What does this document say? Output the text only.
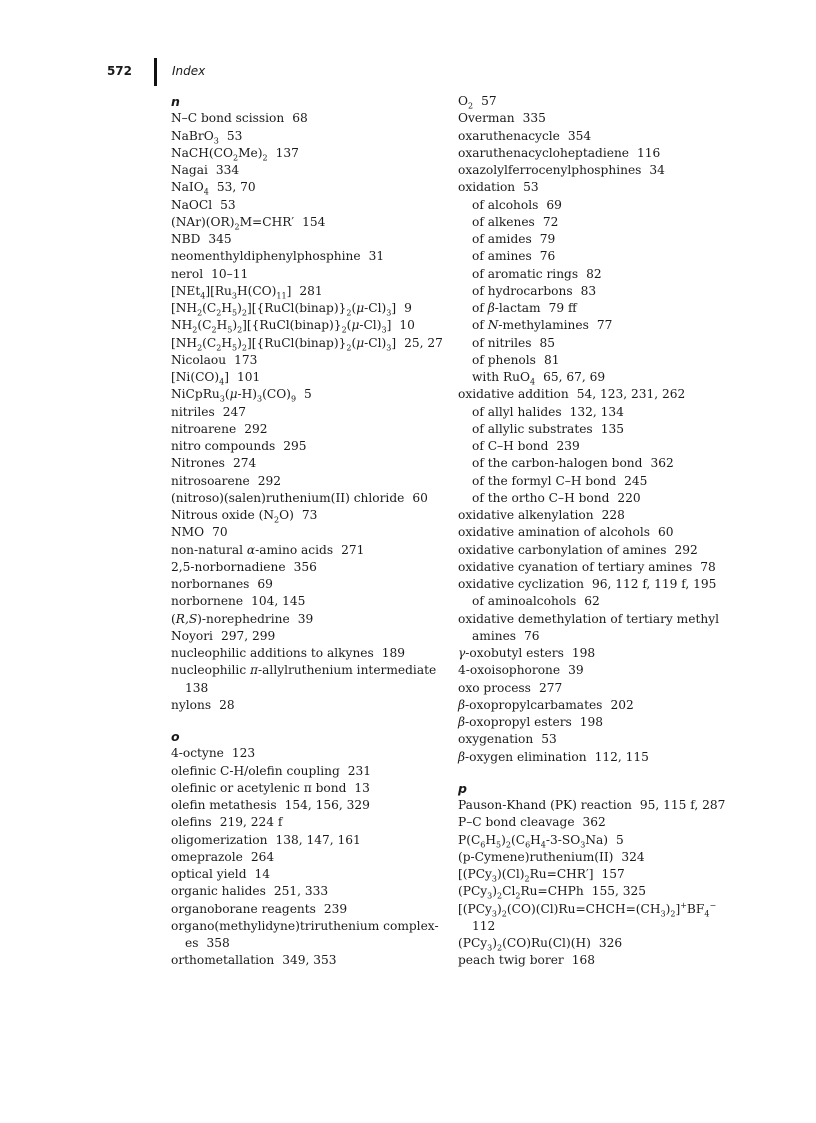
572	Index
n
N–C bond scission 68
NaBrO$_3$ 53
$NaCH(CO_2Me)_2$ 137
Nagai 334
NaIO$_4$ 53, 70
NaOCl 53
$(NAr)(OR)_2M=CHR'$ 154
NBD 345
neomenthyldiphenylphosphine 31
nerol 10–11
$[NEt_4][Ru_3H(CO)_{11}]$ 281
$[NH_2(C_2H_5)_2][\{RuCl(binap)\}_2(\mu-Cl)_3]$ 9
$NH_2(C_2H_5)_2][\{RuCl(binap)\}_2(\mu-Cl)_3]$ 10
$[NH_2(C_2H_5)_2][\{RuCl(binap)\}_2(\mu-Cl)_3]$ 25, 27
Nicolaou 173
$[Ni(CO)_4]$ 101
$NiCpRu_3(\mu-H)_3(CO)_9$ 5
nitriles 247
nitroarene 292
nitro compounds 295
Nitrones 274
nitrosoarene 292
(nitroso)(salen)ruthenium(II) chloride 60
Nitrous oxide $(N_2O)$ 73
NMO 70
non-natural α-amino acids 271
2,5-norbornadiene 356
norbornanes 69
norbornene 104, 145
(R,S)-norephedrine 39
Noyori 297, 299
nucleophilic additions to alkynes 189
nucleophilic π-allylruthenium intermediate 138
nylons 28
o
4-octyne 123
olefinic C-H/olefin coupling 231
olefinic or acetylenic π bond 13
olefin metathesis 154, 156, 329
olefins 219, 224 f
oligomerization 138, 147, 161
omeprazole 264
optical yield 14
organic halides 251, 333
organoborane reagents 239
organo(methylidyne)triruthenium complex-
es 358
orthometallation 349, 353
$O_2$ 57
Overman 335
oxaruthenacycle 354
oxaruthenacycloheptadiene 116
oxazolylferrocenylphosphines 34
oxidation 53
of alcohols 69
of alkenes 72
of amides 79
of amines 76
of aromatic rings 82
of hydrocarbons 83
of β-lactam 79 ff
of N-methylamines 77
of nitriles 85
of phenols 81
with RuO$_4$ 65, 67, 69
oxidative addition 54, 123, 231, 262
of allyl halides 132, 134
of allylic substrates 135
of C–H bond 239
of the carbon-halogen bond 362
of the formyl C–H bond 245
of the ortho C–H bond 220
oxidative alkenylation 228
oxidative amination of alcohols 60
oxidative carbonylation of amines 292
oxidative cyanation of tertiary amines 78
oxidative cyclization 96, 112 f, 119 f, 195
of aminoalcohols 62
oxidative demethylation of tertiary methyl
amines 76
γ-oxobutyl esters 198
4-oxoisophorone 39
oxo process 277
β-oxopropylcarbamates 202
β-oxopropyl esters 198
oxygenation 53
β-oxygen elimination 112, 115
p
Pauson-Khand (PK) reaction 95, 115 f, 287
P–C bond cleavage 362
$P(C_6H_5)_2(C_6H_4-3-SO_3Na)$ 5
(p-Cymene)ruthenium(II) 324
$[(PCy_3)(Cl)_2Ru=CHR']$ 157
$(PCy_3)_2Cl_2Ru=CHPh$ 155, 325
$[(PCy_3)_2(CO)(Cl)Ru=CHCH=(CH_3)_2]^+BF_4^-$
112
$(PCy_3)_2(CO)Ru(Cl)(H)$ 326
peach twig borer 168
